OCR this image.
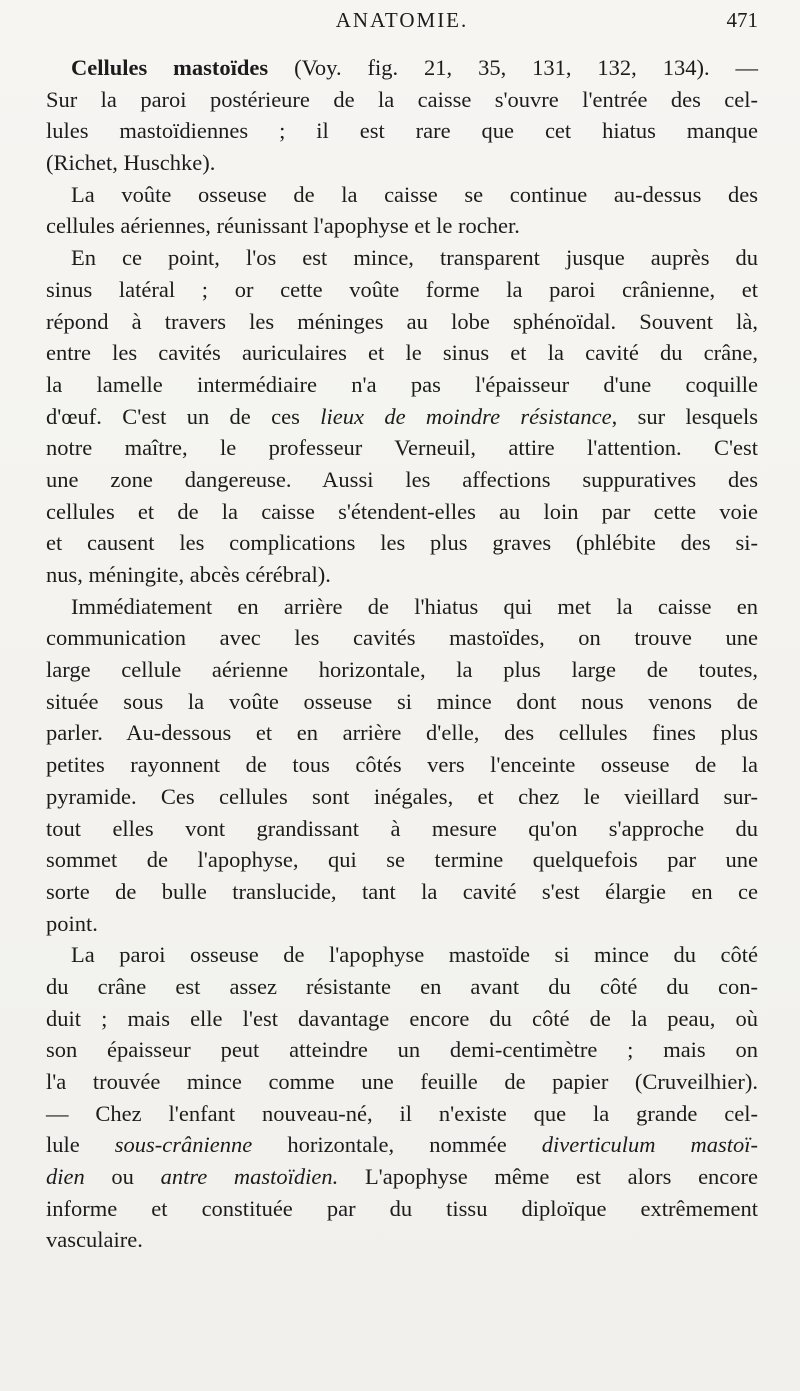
ANATOMIE.	471
Cellules mastoïdes (Voy. fig. 21, 35, 131, 132, 134). —
Sur la paroi postérieure de la caisse s'ouvre l'entrée des cel-
lules mastoïdiennes ; il est rare que cet hiatus manque
(Richet, Huschke).
La voûte osseuse de la caisse se continue au-dessus des
cellules aériennes, réunissant l'apophyse et le rocher.
En ce point, l'os est mince, transparent jusque auprès du
sinus latéral ; or cette voûte forme la paroi crânienne, et
répond à travers les méninges au lobe sphénoïdal. Souvent là,
entre les cavités auriculaires et le sinus et la cavité du crâne,
la lamelle intermédiaire n'a pas l'épaisseur d'une coquille
d'œuf. C'est un de ces lieux de moindre résistance, sur lesquels
notre maître, le professeur Verneuil, attire l'attention. C'est
une zone dangereuse. Aussi les affections suppuratives des
cellules et de la caisse s'étendent-elles au loin par cette voie
et causent les complications les plus graves (phlébite des si-
nus, méningite, abcès cérébral).
Immédiatement en arrière de l'hiatus qui met la caisse en
communication avec les cavités mastoïdes, on trouve une
large cellule aérienne horizontale, la plus large de toutes,
située sous la voûte osseuse si mince dont nous venons de
parler. Au-dessous et en arrière d'elle, des cellules fines plus
petites rayonnent de tous côtés vers l'enceinte osseuse de la
pyramide. Ces cellules sont inégales, et chez le vieillard sur-
tout elles vont grandissant à mesure qu'on s'approche du
sommet de l'apophyse, qui se termine quelquefois par une
sorte de bulle translucide, tant la cavité s'est élargie en ce
point.
La paroi osseuse de l'apophyse mastoïde si mince du côté
du crâne est assez résistante en avant du côté du con-
duit ; mais elle l'est davantage encore du côté de la peau, où
son épaisseur peut atteindre un demi-centimètre ; mais on
l'a trouvée mince comme une feuille de papier (Cruveilhier).
— Chez l'enfant nouveau-né, il n'existe que la grande cel-
lule sous-crânienne horizontale, nommée diverticulum mastoï-
dien ou antre mastoïdien. L'apophyse même est alors encore
informe et constituée par du tissu diploïque extrêmement
vasculaire.
